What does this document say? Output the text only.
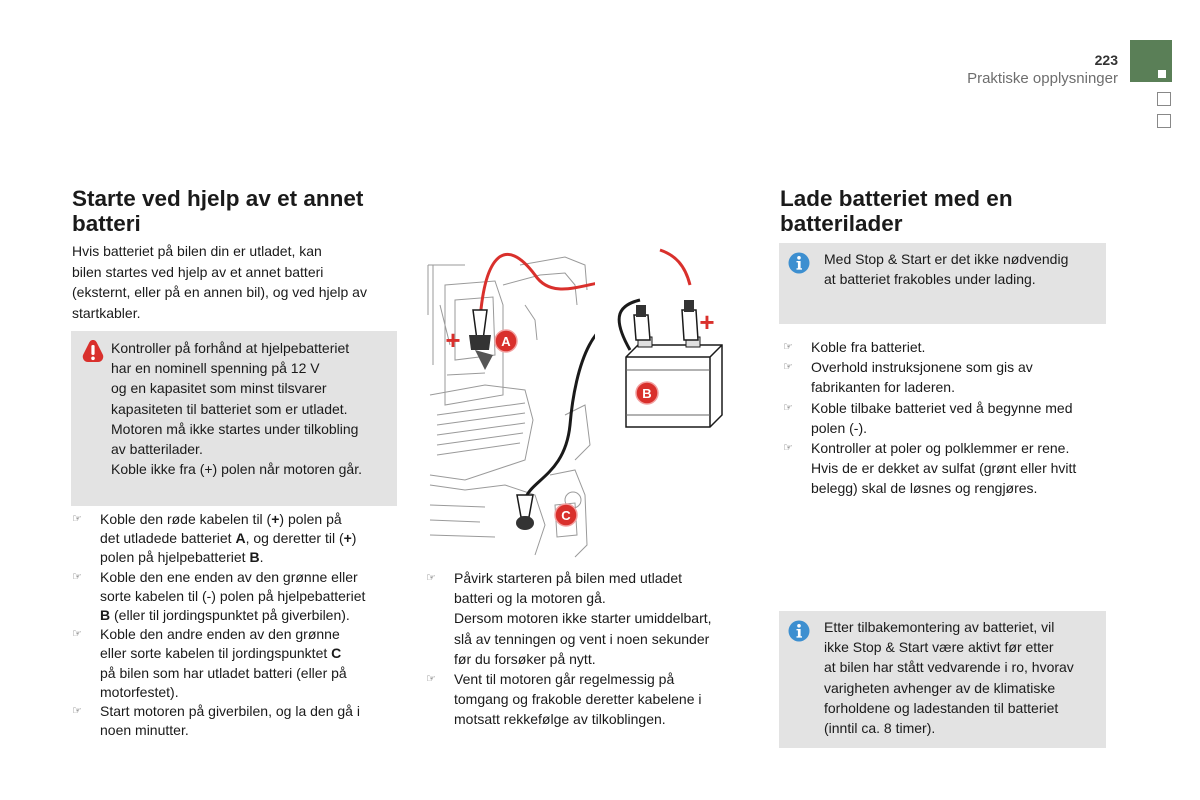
223
Praktiske opplysninger
Starte ved hjelp av et annet
batteri
Hvis batteriet på bilen din er utladet, kan
bilen startes ved hjelp av et annet batteri
(eksternt, eller på en annen bil), og ved hjelp av
startkabler.
Kontroller på forhånd at hjelpebatteriet
har en nominell spenning på 12 V
og en kapasitet som minst tilsvarer
kapasiteten til batteriet som er utladet.
Motoren må ikke startes under tilkobling
av batterilader.
Koble ikke fra (+) polen når motoren går.
☞ Koble den røde kabelen til (+) polen på
det utladede batteriet A, og deretter til (+)
polen på hjelpebatteriet B.
☞ Koble den ene enden av den grønne eller
sorte kabelen til (-) polen på hjelpebatteriet
B (eller til jordingspunktet på giverbilen).
☞ Koble den andre enden av den grønne
eller sorte kabelen til jordingspunktet C
på bilen som har utladet batteri (eller på
motorfestet).
☞ Start motoren på giverbilen, og la den gå i
noen minutter.
A
C
+
B
+
☞ Påvirk starteren på bilen med utladet
batteri og la motoren gå.
Dersom motoren ikke starter umiddelbart,
slå av tenningen og vent i noen sekunder
før du forsøker på nytt.
☞ Vent til motoren går regelmessig på
tomgang og frakoble deretter kabelene i
motsatt rekkefølge av tilkoblingen.
Lade batteriet med en
batterilader
Med Stop & Start er det ikke nødvendig
at batteriet frakobles under lading.
☞ Koble fra batteriet.
☞ Overhold instruksjonene som gis av
fabrikanten for laderen.
☞ Koble tilbake batteriet ved å begynne med
polen (-).
☞ Kontroller at poler og polklemmer er rene.
Hvis de er dekket av sulfat (grønt eller hvitt
belegg) skal de løsnes og rengjøres.
Etter tilbakemontering av batteriet, vil
ikke Stop & Start være aktivt før etter
at bilen har stått vedvarende i ro, hvorav
varigheten avhenger av de klimatiske
forholdene og ladestanden til batteriet
(inntil ca. 8 timer).
